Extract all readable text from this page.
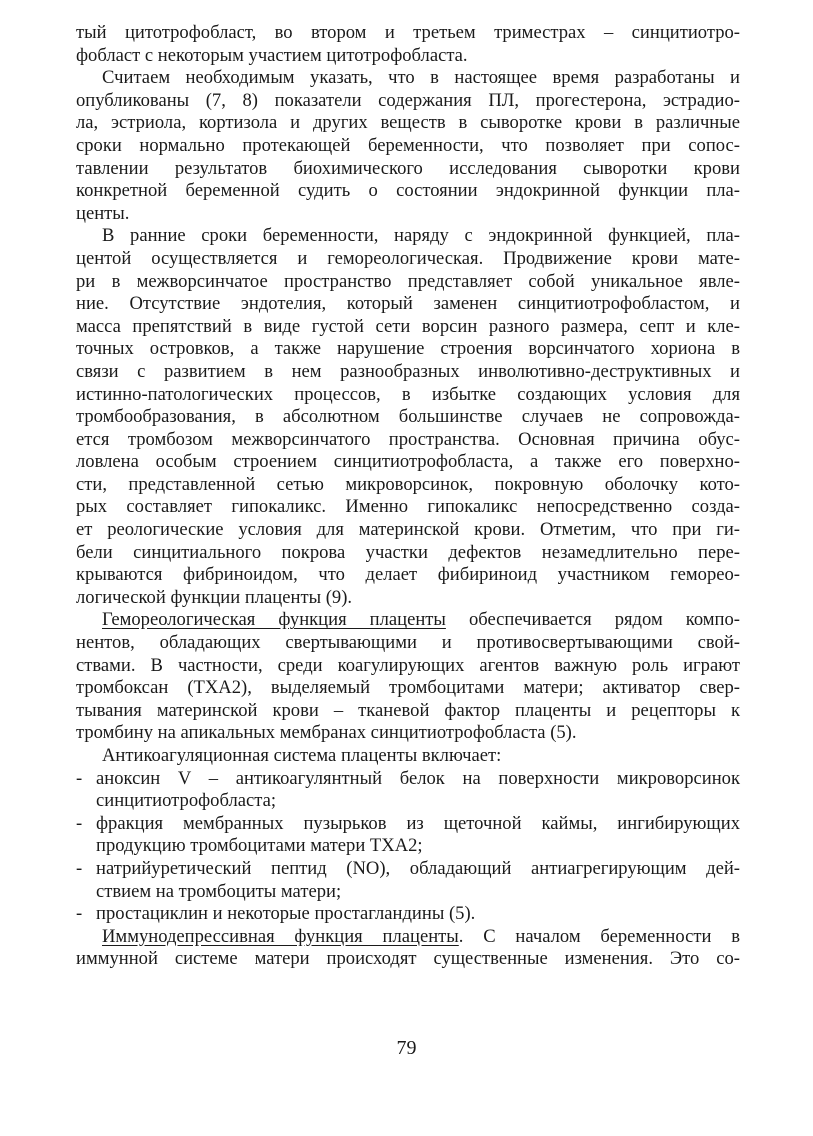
тый цитотрофобласт, во втором и третьем триместрах – синцитиотро-
фобласт с некоторым участием цитотрофобласта.
Считаем необходимым указать, что в настоящее время разработаны и
опубликованы (7, 8) показатели содержания ПЛ, прогестерона, эстрадио-
ла, эстриола, кортизола и других веществ в сыворотке крови в различные
сроки нормально протекающей беременности, что позволяет при сопос-
тавлении результатов биохимического исследования сыворотки крови
конкретной беременной судить о состоянии эндокринной функции пла-
центы.
В ранние сроки беременности, наряду с эндокринной функцией, пла-
центой осуществляется и гемореологическая. Продвижение крови мате-
ри в межворсинчатое пространство представляет собой уникальное явле-
ние. Отсутствие эндотелия, который заменен синцитиотрофобластом, и
масса препятствий в виде густой сети ворсин разного размера, септ и кле-
точных островков, а также нарушение строения ворсинчатого хориона в
связи с развитием в нем разнообразных инволютивно-деструктивных и
истинно-патологических процессов, в избытке создающих условия для
тромбообразования, в абсолютном большинстве случаев не сопровожда-
ется тромбозом межворсинчатого пространства. Основная причина обус-
ловлена особым строением синцитиотрофобласта, а также его поверхно-
сти, представленной сетью микроворсинок, покровную оболочку кото-
рых составляет гипокаликс. Именно гипокаликс непосредственно созда-
ет реологические условия для материнской крови. Отметим, что при ги-
бели синцитиального покрова участки дефектов незамедлительно пере-
крываются фибриноидом, что делает фибириноид участником гемореo-
логической функции плаценты (9).
Гемореологическая функция плаценты обеспечивается рядом компо-
нентов, обладающих свертывающими и противосвертывающими свой-
ствами. В частности, среди коагулирующих агентов важную роль играют
тромбоксан (ТХА2), выделяемый тромбоцитами матери; активатор свер-
тывания материнской крови – тканевой фактор плаценты и рецепторы к
тромбину на апикальных мембранах синцитиотрофобласта (5).
Антикоагуляционная система плаценты включает:
- аноксин V – антикоагулянтный белок на поверхности микроворсинок
синцитиотрофобласта;
- фракция мембранных пузырьков из щеточной каймы, ингибирующих
продукцию тромбоцитами матери ТХА2;
- натрийуретический пептид (NO), обладающий антиагрегирующим дей-
ствием на тромбоциты матери;
- простациклин и некоторые простагландины (5).
Иммунодепрессивная функция плаценты. С началом беременности в
иммунной системе матери происходят существенные изменения. Это со-
79
